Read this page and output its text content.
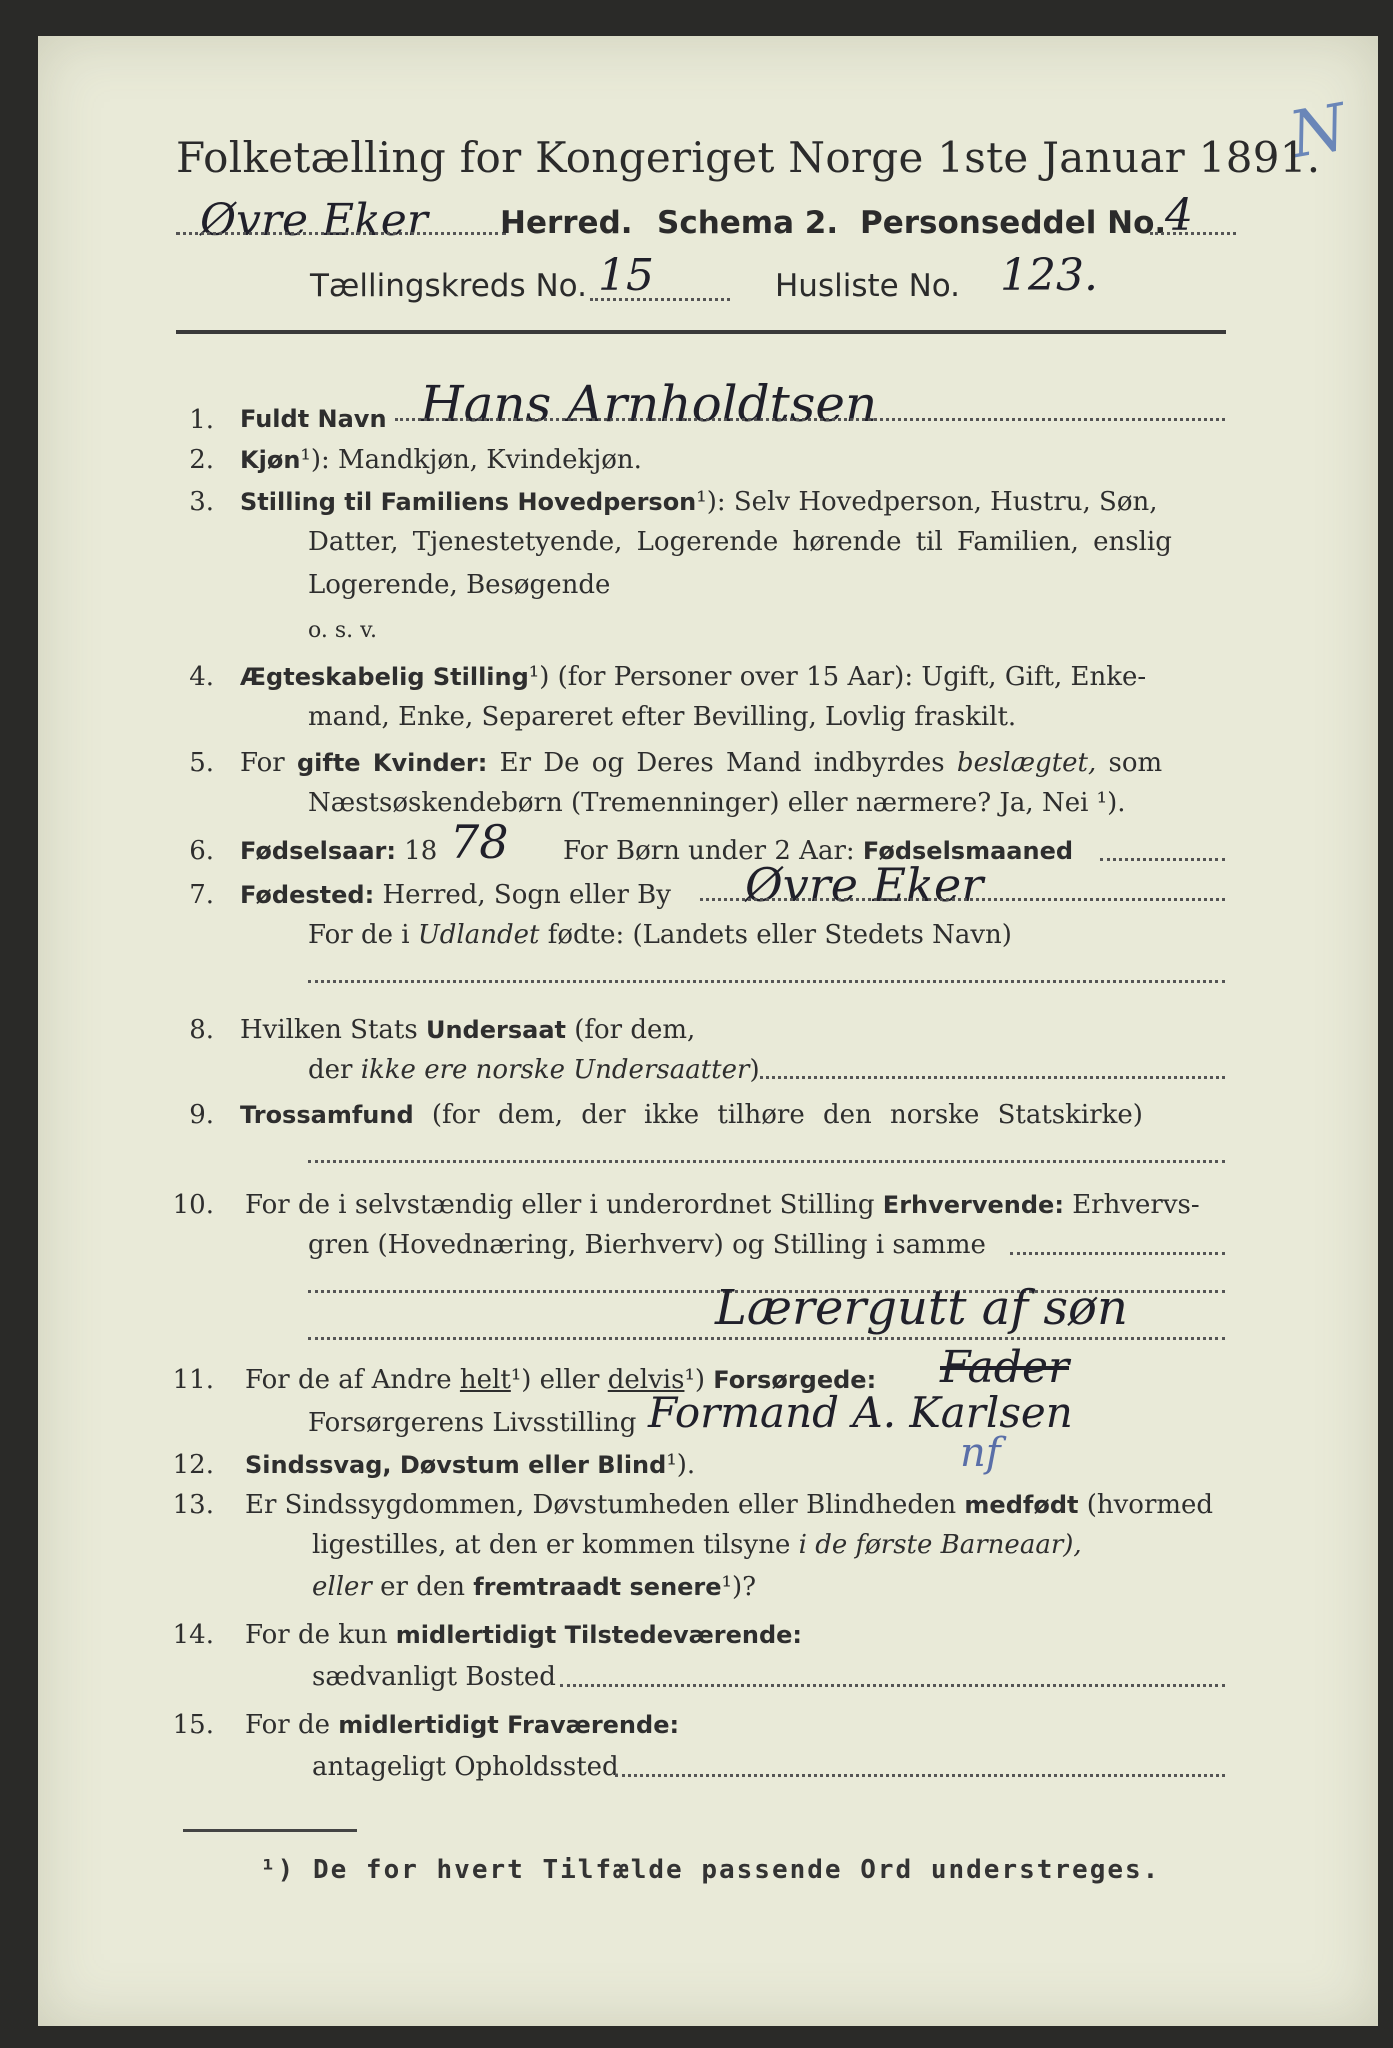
N
Folketælling for Kongeriget Norge 1ste Januar 1891.
Øvre Eker Herred. Schema 2. Personseddel No.
4
Tællingskreds No. 15	Husliste No. 123.
1. Fuldt Navn Hans Arnholdtsen
2. Kjøn¹): Mandkjøn, Kvindekjøn.
3. Stilling til Familiens Hovedperson¹): Selv Hovedperson, Hustru, Søn,
Datter, Tjenestetyende, Logerende hørende til Familien, enslig
Logerende, Besøgende
o. s. v.
4. Ægteskabelig Stilling¹) (for Personer over 15 Aar): Ugift, Gift, Enke-
mand, Enke, Separeret efter Bevilling, Lovlig fraskilt.
5. For gifte Kvinder: Er De og Deres Mand indbyrdes beslægtet, som
Næstsøskendebørn (Tremenninger) eller nærmere? Ja, Nei ¹).
6. Fødselsaar: 18 78 For Børn under 2 Aar: Fødselsmaaned
7. Fødested: Herred, Sogn eller By Øvre Eker
For de i Udlandet fødte: (Landets eller Stedets Navn)
8. Hvilken Stats Undersaat (for dem,
der ikke ere norske Undersaatter)
9. Trossamfund (for dem, der ikke tilhøre den norske Statskirke)
10. For de i selvstændig eller i underordnet Stilling Erhvervende: Erhvervs-
gren (Hovednæring, Bierhverv) og Stilling i samme
Lærergutt af søn
11. For de af Andre helt¹) eller delvis¹) Forsørgede: Fader
Forsørgerens Livsstilling Formand A. Karlsen
nf
12. Sindssvag, Døvstum eller Blind¹).
13. Er Sindssygdommen, Døvstumheden eller Blindheden medfødt (hvormed
ligestilles, at den er kommen tilsyne i de første Barneaar),
eller er den fremtraadt senere¹)?
14. For de kun midlertidigt Tilstedeværende:
sædvanligt Bosted
15. For de midlertidigt Fraværende:
antageligt Opholdssted
¹) De for hvert Tilfælde passende Ord understreges.
